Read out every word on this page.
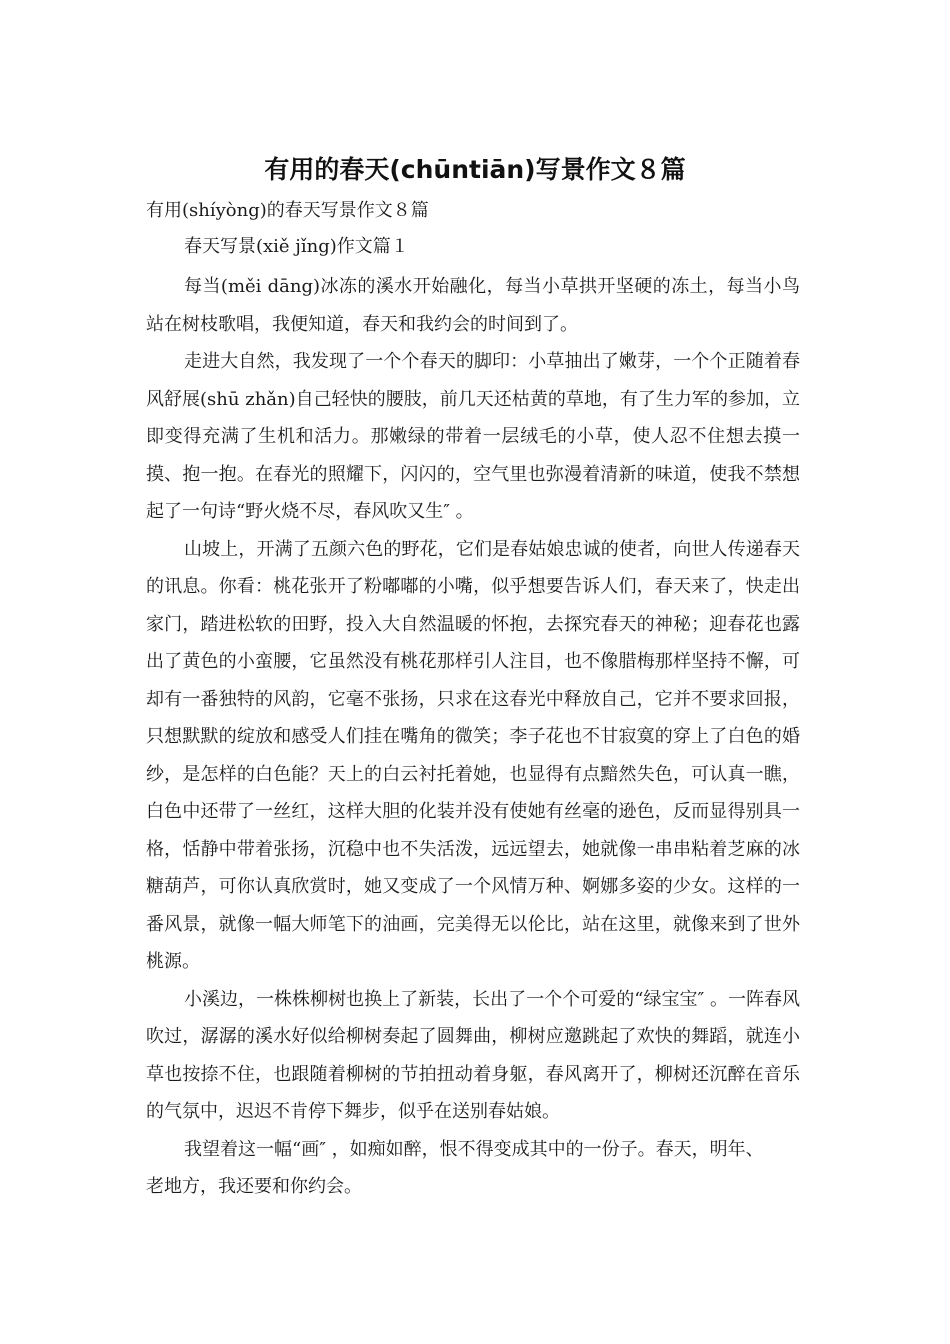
有用的春天(chūntiān)写景作文８篇

有用(shíyòng)的春天写景作文８篇

春天写景(xiě jǐng)作文篇１

每当(měi dāng)冰冻的溪水开始融化，每当小草拱开坚硬的冻土，每当小鸟站在树枝歌唱，我便知道，春天和我约会的时间到了。

走进大自然，我发现了一个个春天的脚印：小草抽出了嫩芽，一个个正随着春风舒展(shū zhǎn)自己轻快的腰肢，前几天还枯黄的草地，有了生力军的参加，立即变得充满了生机和活力。那嫩绿的带着一层绒毛的小草，使人忍不住想去摸一摸、抱一抱。在春光的照耀下，闪闪的，空气里也弥漫着清新的味道，使我不禁想起了一句诗“野火烧不尽，春风吹又生″ 。

山坡上，开满了五颜六色的野花，它们是春姑娘忠诚的使者，向世人传递春天的讯息。你看：桃花张开了粉嘟嘟的小嘴，似乎想要告诉人们，春天来了，快走出家门，踏进松软的田野，投入大自然温暖的怀抱，去探究春天的神秘；迎春花也露出了黄色的小蛮腰，它虽然没有桃花那样引人注目，也不像腊梅那样坚持不懈，可却有一番独特的风韵，它毫不张扬，只求在这春光中释放自己，它并不要求回报，只想默默的绽放和感受人们挂在嘴角的微笑；李子花也不甘寂寞的穿上了白色的婚纱，是怎样的白色能？天上的白云衬托着她，也显得有点黯然失色，可认真一瞧，白色中还带了一丝红，这样大胆的化装并没有使她有丝毫的逊色，反而显得别具一格，恬静中带着张扬，沉稳中也不失活泼，远远望去，她就像一串串粘着芝麻的冰糖葫芦，可你认真欣赏时，她又变成了一个风情万种、婀娜多姿的少女。这样的一番风景，就像一幅大师笔下的油画，完美得无以伦比，站在这里，就像来到了世外桃源。

小溪边，一株株柳树也换上了新装，长出了一个个可爱的“绿宝宝″ 。一阵春风吹过，潺潺的溪水好似给柳树奏起了圆舞曲，柳树应邀跳起了欢快的舞蹈，就连小草也按捺不住，也跟随着柳树的节拍扭动着身躯，春风离开了，柳树还沉醉在音乐的气氛中，迟迟不肯停下舞步，似乎在送别春姑娘。

我望着这一幅“画″ ，如痴如醉，恨不得变成其中的一份子。春天，明年、老地方，我还要和你约会。
